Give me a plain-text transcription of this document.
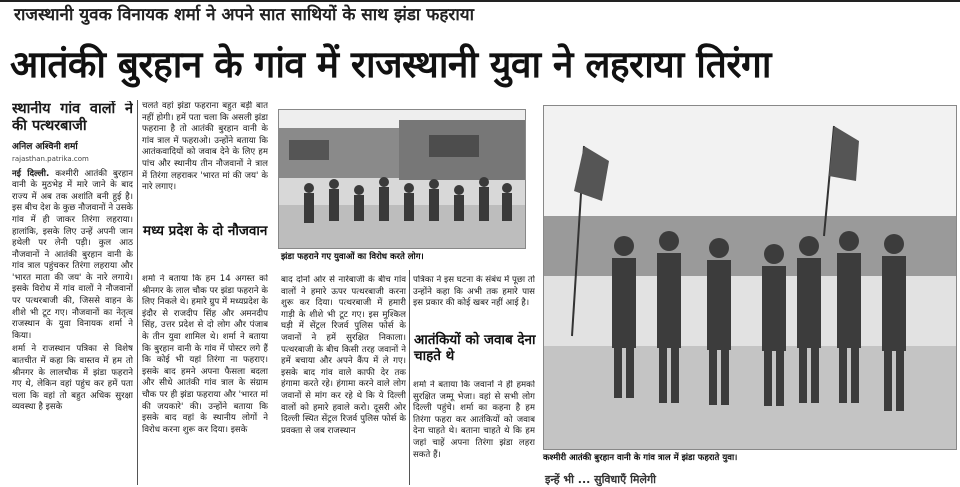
राजस्थानी युवक विनायक शर्मा ने अपने सात साथियों के साथ झंडा फहराया
आतंकी बुरहान के गांव में राजस्थानी युवा ने लहराया तिरंगा
स्थानीय गांव वालों ने की पत्थरबाजी
अनिल अश्विनी शर्मा
rajasthan.patrika.com

नई दिल्ली. कश्मीरी आतंकी बुरहान वानी के मुठभेड़ में मारे जाने के बाद राज्य में अब तक अशांति बनी हुई है। इस बीच देश के कुछ नौजवानों ने उसके गांव में ही जाकर तिरंगा लहराया। हालांकि, इसके लिए उन्हें अपनी जान हथेली पर लेनी पड़ी। कुल आठ नौजवानों ने आतंकी बुरहान वानी के गांव त्राल पहुंचकर तिरंगा लहराया और 'भारत माता की जय' के नारे लगाये। इसके विरोध में गांव वालों ने नौजवानों पर पत्थरबाजी की, जिससे वाहन के शीशे भी टूट गए। नौजवानों का नेतृत्व राजस्थान के युवा विनायक शर्मा ने किया।

शर्मा ने राजस्थान पत्रिका से विशेष बातचीत में कहा कि वास्तव में हम तो श्रीनगर के लालचौक में झंडा फहराने गए थे, लेकिन वहां पहुंच कर हमें पता चला कि वहां तो बहुत अधिक सुरक्षा व्यवस्था है इसके

चलते वहां झंडा फहराना बहुत बड़ी बात नहीं होगी। हमें पता चला कि असली झंडा फहराना है तो आतंकी बुरहान वानी के गांव त्राल में फहराओ। उन्होंने बताया कि आतंकवादियों को जवाब देने के लिए हम पांच और स्थानीय तीन नौजवानों ने त्राल में तिरंगा लहराकर 'भारत मां की जय' के नारे लगाए।

मध्य प्रदेश के दो नौजवान

शर्मा ने बताया कि हम 14 अगस्त को श्रीनगर के लाल चौक पर झंडा फहराने के लिए निकले थे। हमारे ग्रुप में मध्यप्रदेश के इंदौर से राजदीप सिंह और अमनदीप सिंह, उत्तर प्रदेश से दो लोग और पंजाब के तीन युवा शामिल थे। शर्मा ने बताया कि बुरहान वानी के गांव में पोस्टर लगे हैं कि कोई भी यहां तिरंगा ना फहराए। इसके बाद हमने अपना फैसला बदला और सीधे आतंकी गांव त्राल के संग्राम चौक पर ही झंडा फहराया और 'भारत मां की जयकारे' की। उन्होंने बताया कि इसके बाद वहां के स्थानीय लोगों ने विरोध करना शुरू कर दिया। इसके

झंडा फहराने गए युवाओं का विरोध करते लोग।

बाद दोनों ओर से नारेबाजी के बीच गांव वालों ने हमारे ऊपर पत्थरबाजी करना शुरू कर दिया। पत्थरबाजी में हमारी गाड़ी के शीशे भी टूट गए। इस मुश्किल घड़ी में सेंट्रल रिजर्व पुलिस फोर्स के जवानों ने हमें सुरक्षित निकाला। पत्थरबाजी के बीच किसी तरह जवानों ने हमें बचाया और अपने कैंप में ले गए। इसके बाद गांव वाले काफी देर तक हंगामा करते रहे। हंगामा करने वाले लोग जवानों से मांग कर रहे थे कि ये दिल्ली वालों को हमारे हवाले करो। दूसरी ओर दिल्ली स्थित सेंट्रल रिजर्व पुलिस फोर्स के प्रवक्ता से जब राजस्थान

पत्रिका ने इस घटना के संबंध में पूछा तो उन्होंने कहा कि अभी तक हमारे पास इस प्रकार की कोई खबर नहीं आई है।

आतंकियों को जवाब देना चाहते थे

शर्मा ने बताया कि जवानों ने ही हमको सुरक्षित जम्मू भेजा। वहां से सभी लोग दिल्ली पहुंचे। शर्मा का कहना है हम तिरंगा फहरा कर आतंकियों को जवाब देना चाहते थे। बताना चाहते थे कि हम जहां चाहें अपना तिरंगा झंडा लहरा सकते हैं।	कश्मीरी आतंकी बुरहान वानी के गांव त्राल में झंडा फहराते युवा।
इन्हें भी ... सुविधाएँ मिलेगी
